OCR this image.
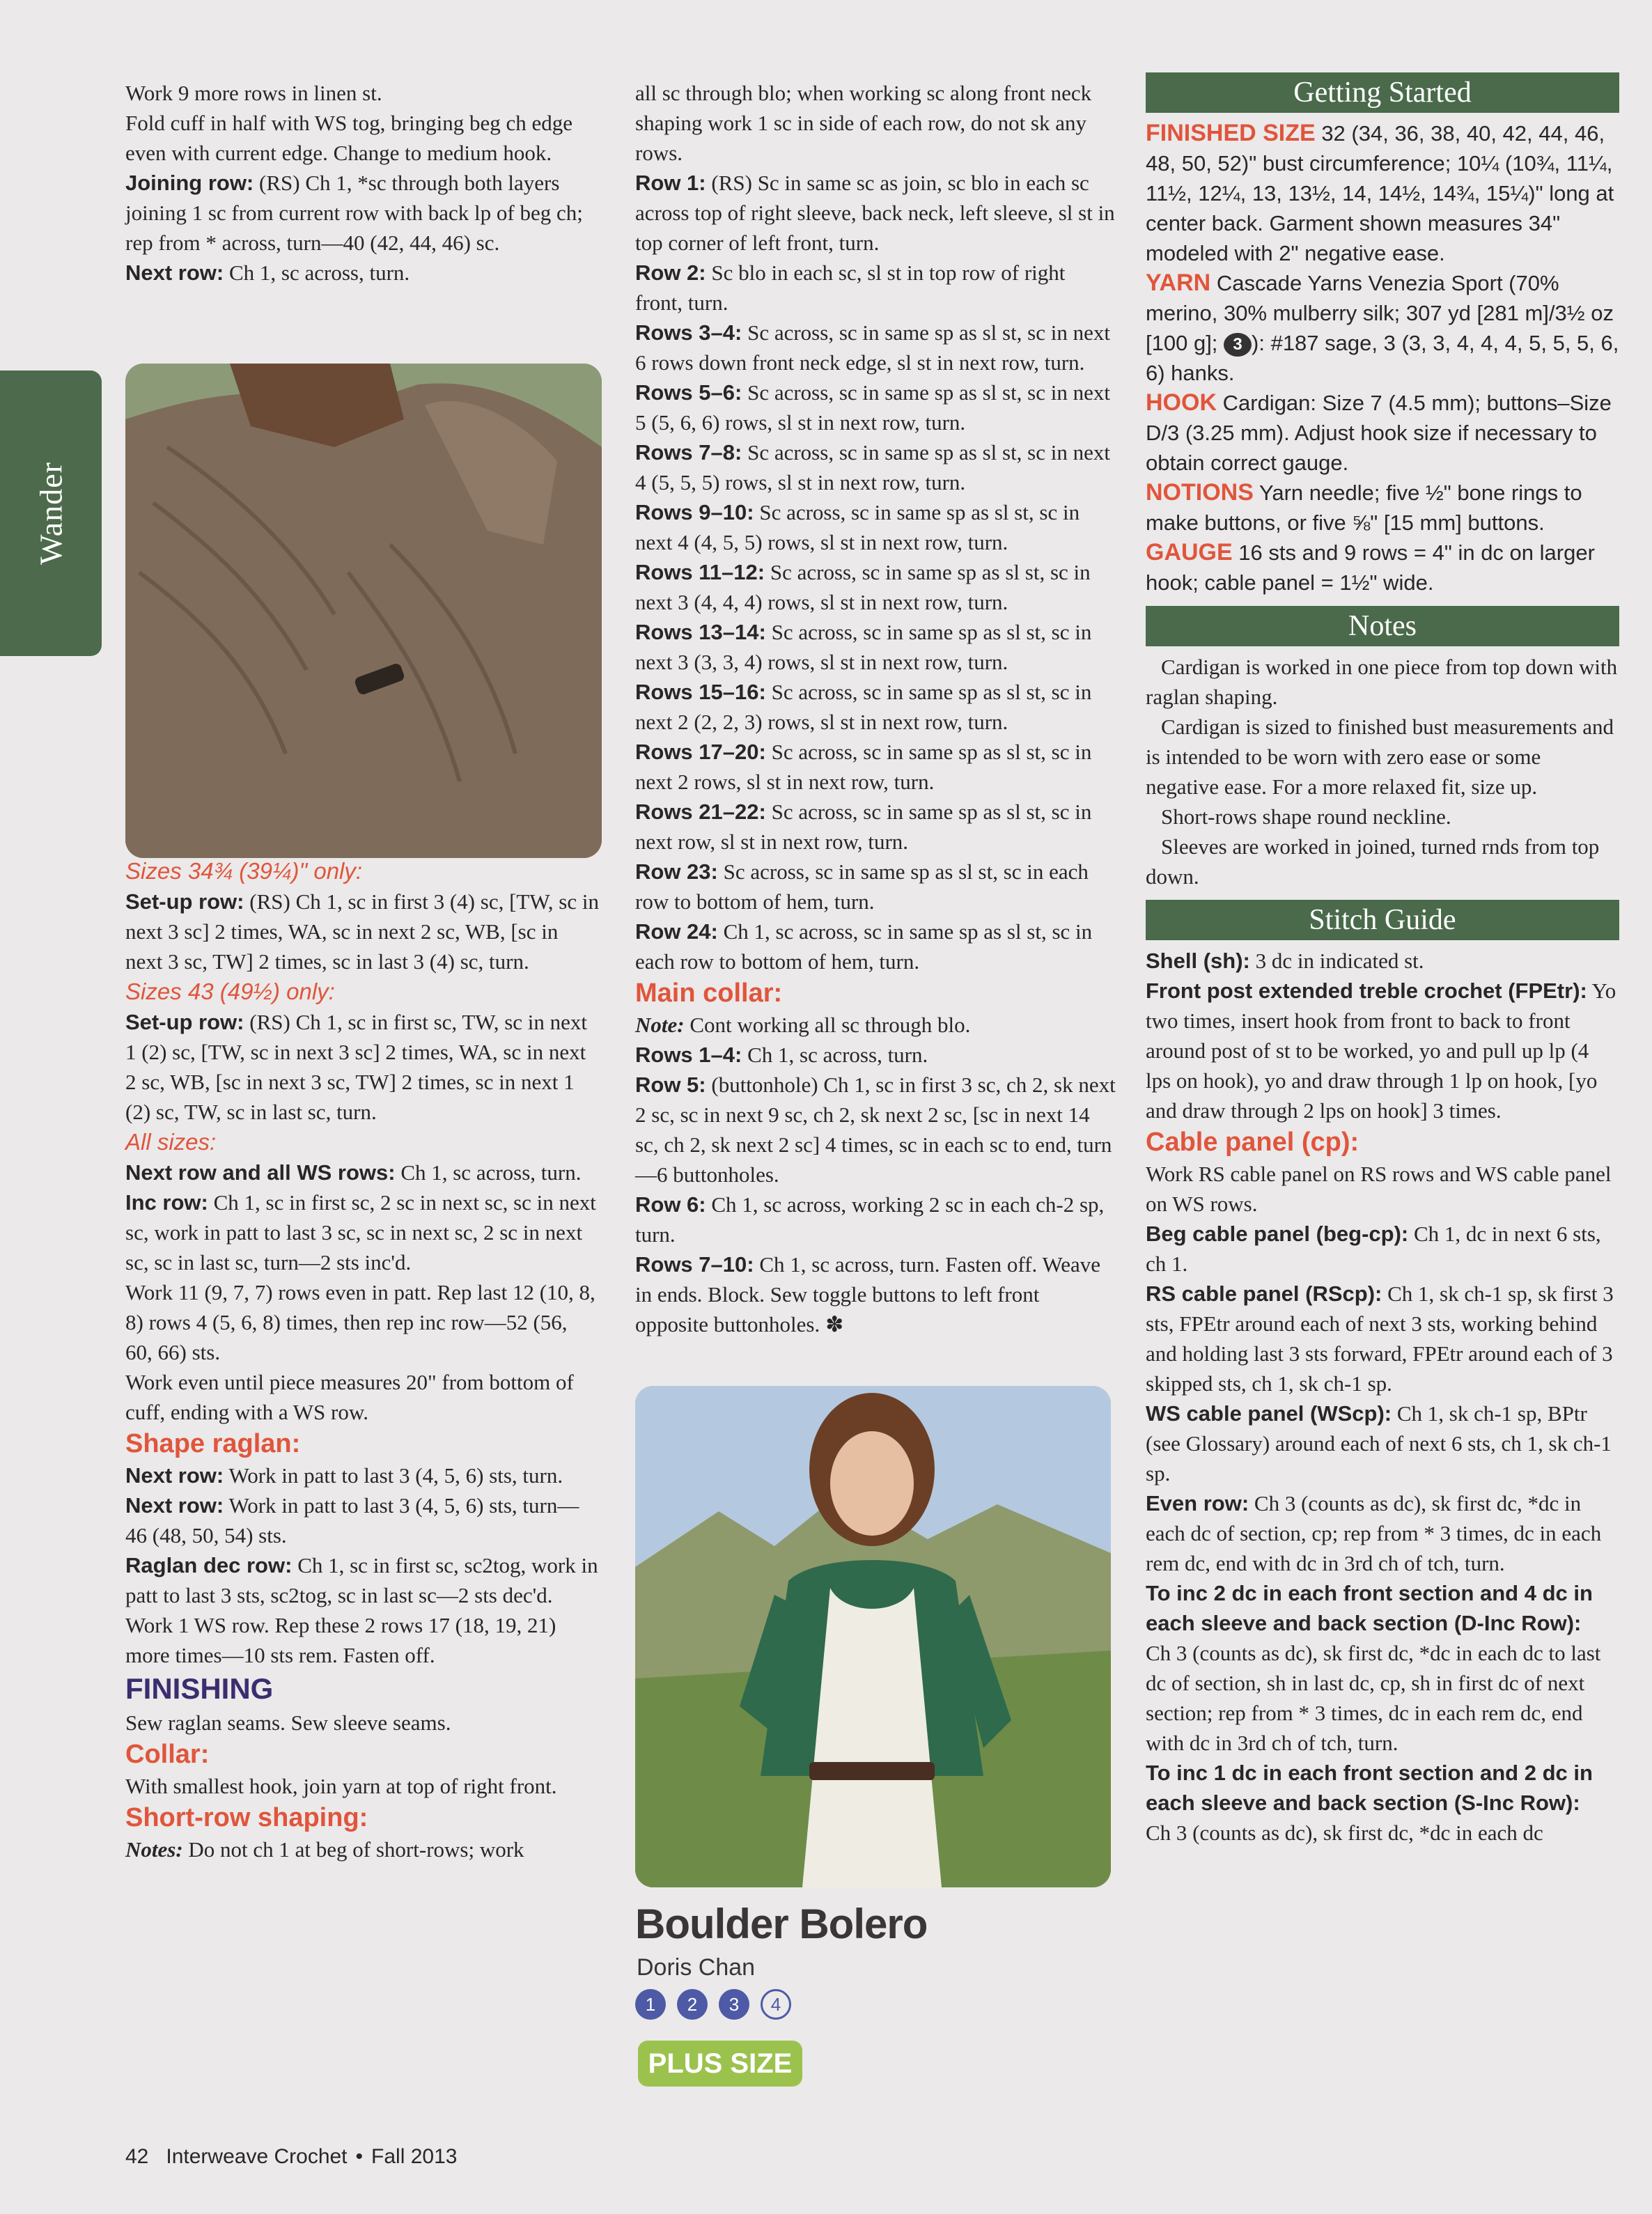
Wander

Work 9 more rows in linen st.

Fold cuff in half with WS tog, bringing beg ch edge even with current edge. Change to medium hook.

Joining row: (RS) Ch 1, *sc through both layers joining 1 sc from current row with back lp of beg ch; rep from * across, turn—40 (42, 44, 46) sc.

Next row: Ch 1, sc across, turn.

Sizes 34¾ (39¼)" only:

Set-up row: (RS) Ch 1, sc in first 3 (4) sc, [TW, sc in next 3 sc] 2 times, WA, sc in next 2 sc, WB, [sc in next 3 sc, TW] 2 times, sc in last 3 (4) sc, turn.

Sizes 43 (49½) only:

Set-up row: (RS) Ch 1, sc in first sc, TW, sc in next 1 (2) sc, [TW, sc in next 3 sc] 2 times, WA, sc in next 2 sc, WB, [sc in next 3 sc, TW] 2 times, sc in next 1 (2) sc, TW, sc in last sc, turn.

All sizes:

Next row and all WS rows: Ch 1, sc across, turn.

Inc row: Ch 1, sc in first sc, 2 sc in next sc, sc in next sc, work in patt to last 3 sc, sc in next sc, 2 sc in next sc, sc in last sc, turn—2 sts inc'd.

Work 11 (9, 7, 7) rows even in patt. Rep last 12 (10, 8, 8) rows 4 (5, 6, 8) times, then rep inc row—52 (56, 60, 66) sts.

Work even until piece measures 20" from bottom of cuff, ending with a WS row.

Shape raglan:

Next row: Work in patt to last 3 (4, 5, 6) sts, turn.

Next row: Work in patt to last 3 (4, 5, 6) sts, turn—46 (48, 50, 54) sts.

Raglan dec row: Ch 1, sc in first sc, sc2tog, work in patt to last 3 sts, sc2tog, sc in last sc—2 sts dec'd. Work 1 WS row. Rep these 2 rows 17 (18, 19, 21) more times—10 sts rem. Fasten off.

FINISHING

Sew raglan seams. Sew sleeve seams.

Collar:

With smallest hook, join yarn at top of right front.

Short-row shaping:

Notes: Do not ch 1 at beg of short-rows; work

all sc through blo; when working sc along front neck shaping work 1 sc in side of each row, do not sk any rows.

Row 1: (RS) Sc in same sc as join, sc blo in each sc across top of right sleeve, back neck, left sleeve, sl st in top corner of left front, turn.

Row 2: Sc blo in each sc, sl st in top row of right front, turn.

Rows 3–4: Sc across, sc in same sp as sl st, sc in next 6 rows down front neck edge, sl st in next row, turn.

Rows 5–6: Sc across, sc in same sp as sl st, sc in next 5 (5, 6, 6) rows, sl st in next row, turn.

Rows 7–8: Sc across, sc in same sp as sl st, sc in next 4 (5, 5, 5) rows, sl st in next row, turn.

Rows 9–10: Sc across, sc in same sp as sl st, sc in next 4 (4, 5, 5) rows, sl st in next row, turn.

Rows 11–12: Sc across, sc in same sp as sl st, sc in next 3 (4, 4, 4) rows, sl st in next row, turn.

Rows 13–14: Sc across, sc in same sp as sl st, sc in next 3 (3, 3, 4) rows, sl st in next row, turn.

Rows 15–16: Sc across, sc in same sp as sl st, sc in next 2 (2, 2, 3) rows, sl st in next row, turn.

Rows 17–20: Sc across, sc in same sp as sl st, sc in next 2 rows, sl st in next row, turn.

Rows 21–22: Sc across, sc in same sp as sl st, sc in next row, sl st in next row, turn.

Row 23: Sc across, sc in same sp as sl st, sc in each row to bottom of hem, turn.

Row 24: Ch 1, sc across, sc in same sp as sl st, sc in each row to bottom of hem, turn.

Main collar:

Note: Cont working all sc through blo.

Rows 1–4: Ch 1, sc across, turn.

Row 5: (buttonhole) Ch 1, sc in first 3 sc, ch 2, sk next 2 sc, sc in next 9 sc, ch 2, sk next 2 sc, [sc in next 14 sc, ch 2, sk next 2 sc] 4 times, sc in each sc to end, turn—6 buttonholes.

Row 6: Ch 1, sc across, working 2 sc in each ch-2 sp, turn.

Rows 7–10: Ch 1, sc across, turn. Fasten off. Weave in ends. Block. Sew toggle buttons to left front opposite buttonholes. ✽

Boulder Bolero
Doris Chan
1 2 3 4
PLUS SIZE
Getting Started

FINISHED SIZE 32 (34, 36, 38, 40, 42, 44, 46, 48, 50, 52)" bust circumference; 10¼ (10¾, 11¼, 11½, 12¼, 13, 13½, 14, 14½, 14¾, 15¼)" long at center back. Garment shown measures 34" modeled with 2" negative ease.

YARN Cascade Yarns Venezia Sport (70% merino, 30% mulberry silk; 307 yd [281 m]/3½ oz [100 g]; 3 ): #187 sage, 3 (3, 3, 4, 4, 4, 5, 5, 5, 6, 6) hanks.

HOOK Cardigan: Size 7 (4.5 mm); buttons–Size D/3 (3.25 mm). Adjust hook size if necessary to obtain correct gauge.

NOTIONS Yarn needle; five ½" bone rings to make buttons, or five ⅝" [15 mm] buttons.

GAUGE 16 sts and 9 rows = 4" in dc on larger hook; cable panel = 1½" wide.

Notes

Cardigan is worked in one piece from top down with raglan shaping.

Cardigan is sized to finished bust measurements and is intended to be worn with zero ease or some negative ease. For a more relaxed fit, size up.

Short-rows shape round neckline.

Sleeves are worked in joined, turned rnds from top down.

Stitch Guide

Shell (sh): 3 dc in indicated st.

Front post extended treble crochet (FPEtr): Yo two times, insert hook from front to back to front around post of st to be worked, yo and pull up lp (4 lps on hook), yo and draw through 1 lp on hook, [yo and draw through 2 lps on hook] 3 times.

Cable panel (cp):

Work RS cable panel on RS rows and WS cable panel on WS rows.

Beg cable panel (beg-cp): Ch 1, dc in next 6 sts, ch 1.

RS cable panel (RScp): Ch 1, sk ch-1 sp, sk first 3 sts, FPEtr around each of next 3 sts, working behind and holding last 3 sts forward, FPEtr around each of 3 skipped sts, ch 1, sk ch-1 sp.

WS cable panel (WScp): Ch 1, sk ch-1 sp, BPtr (see Glossary) around each of next 6 sts, ch 1, sk ch-1 sp.

Even row: Ch 3 (counts as dc), sk first dc, *dc in each dc of section, cp; rep from * 3 times, dc in each rem dc, end with dc in 3rd ch of tch, turn.

To inc 2 dc in each front section and 4 dc in each sleeve and back section (D-Inc Row):

Ch 3 (counts as dc), sk first dc, *dc in each dc to last dc of section, sh in last dc, cp, sh in first dc of next section; rep from * 3 times, dc in each rem dc, end with dc in 3rd ch of tch, turn.

To inc 1 dc in each front section and 2 dc in each sleeve and back section (S-Inc Row):

Ch 3 (counts as dc), sk first dc, *dc in each dc

42 Interweave Crochet • Fall 2013
